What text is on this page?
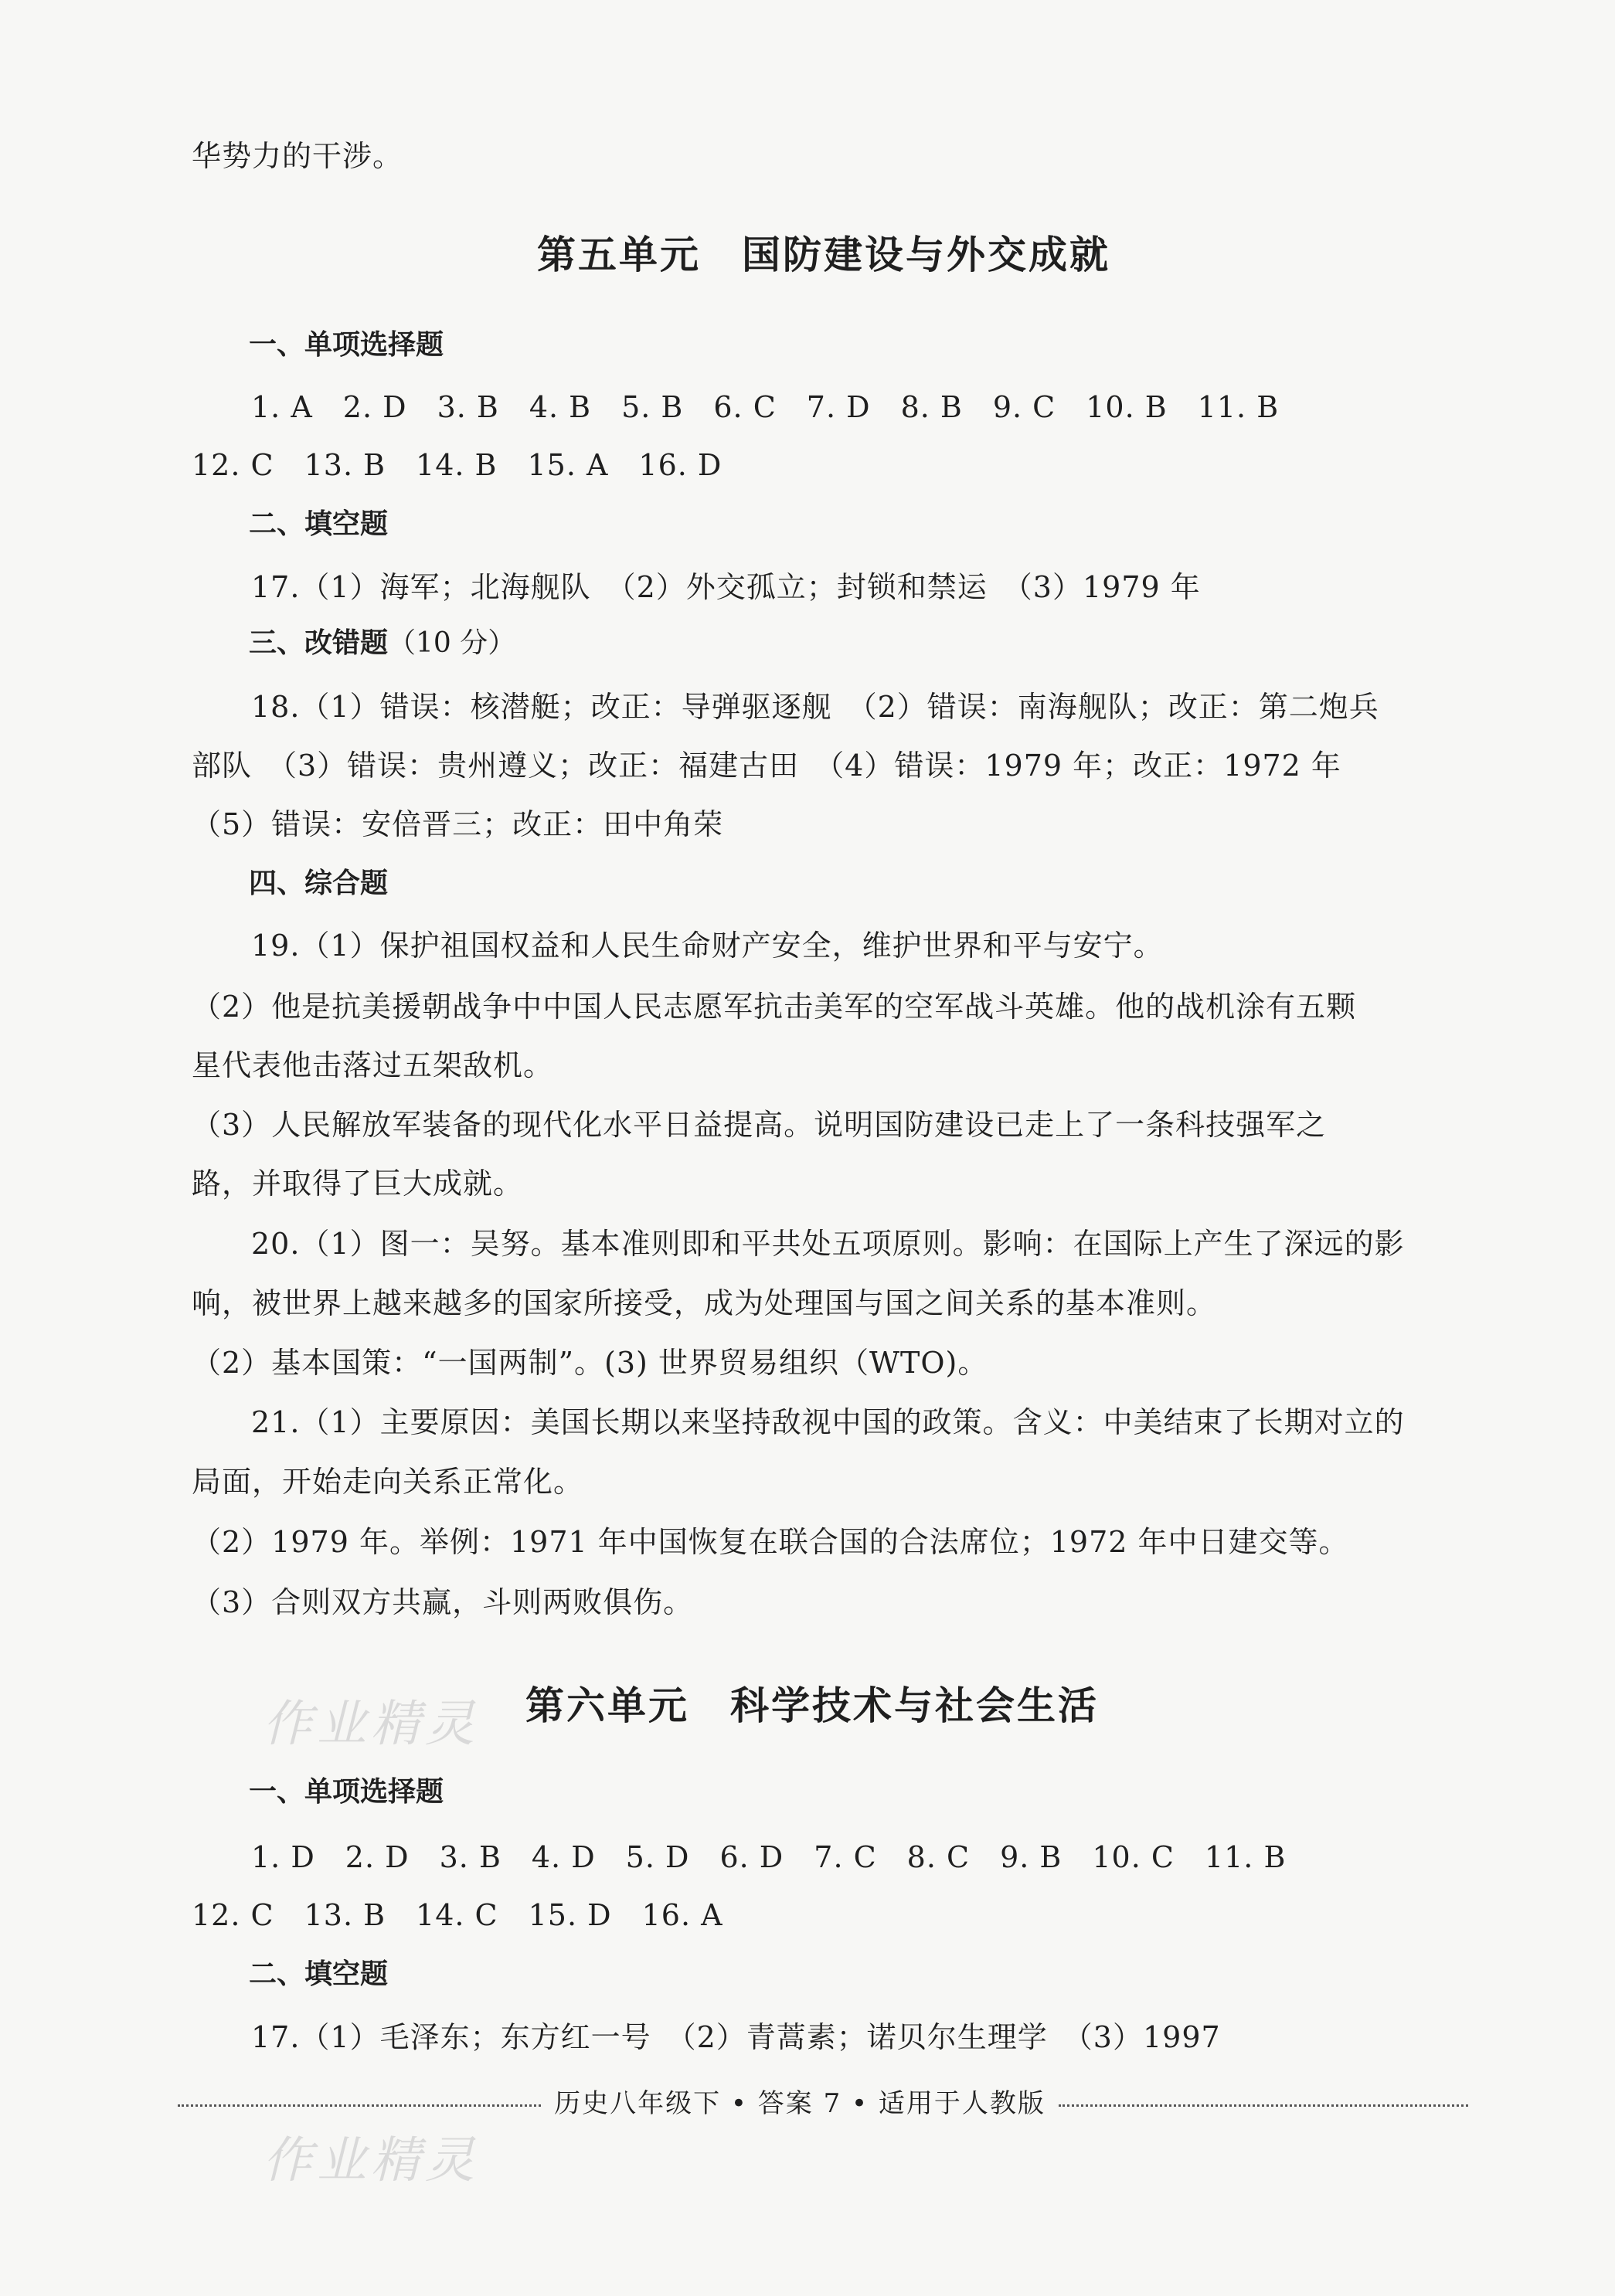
华势力的干涉。
第五单元　国防建设与外交成就
一、单项选择题
1. A　2. D　3. B　4. B　5. B　6. C　7. D　8. B　9. C　10. B　11. B
12. C　13. B　14. B　15. A　16. D
二、填空题
17.（1）海军；北海舰队　（2）外交孤立；封锁和禁运　（3）1979 年
三、改错题（10 分）
18.（1）错误：核潜艇；改正：导弹驱逐舰　（2）错误：南海舰队；改正：第二炮兵
部队　（3）错误：贵州遵义；改正：福建古田　（4）错误：1979 年；改正：1972 年
（5）错误：安倍晋三；改正：田中角荣
四、综合题
19.（1）保护祖国权益和人民生命财产安全，维护世界和平与安宁。
（2）他是抗美援朝战争中中国人民志愿军抗击美军的空军战斗英雄。他的战机涂有五颗
星代表他击落过五架敌机。
（3）人民解放军装备的现代化水平日益提高。说明国防建设已走上了一条科技强军之
路，并取得了巨大成就。
20.（1）图一：吴努。基本准则即和平共处五项原则。影响：在国际上产生了深远的影
响，被世界上越来越多的国家所接受，成为处理国与国之间关系的基本准则。
（2）基本国策：“一国两制”。(3) 世界贸易组织（WTO)。
21.（1）主要原因：美国长期以来坚持敌视中国的政策。含义：中美结束了长期对立的
局面，开始走向关系正常化。
（2）1979 年。举例：1971 年中国恢复在联合国的合法席位；1972 年中日建交等。
（3）合则双方共赢，斗则两败俱伤。
作业精灵 第六单元　科学技术与社会生活
一、单项选择题
1. D　2. D　3. B　4. D　5. D　6. D　7. C　8. C　9. B　10. C　11. B
12. C　13. B　14. C　15. D　16. A
二、填空题
17.（1）毛泽东；东方红一号　（2）青蒿素；诺贝尔生理学　（3）1997
历史八年级下 • 答案 7 • 适用于人教版
作业精灵
